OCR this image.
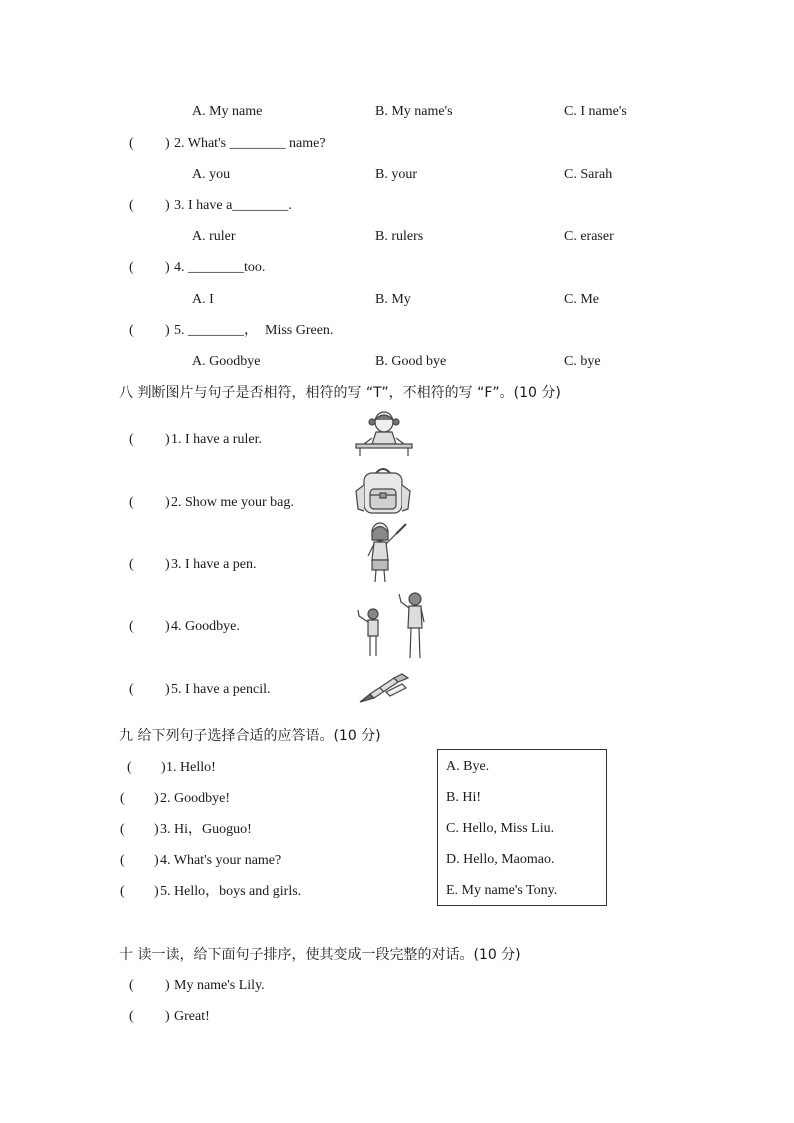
A. My name	B. My name's	C. I name's
( ) 2. What's ________ name?
A. you	B. your	C. Sarah
( ) 3. I have a________.
A. ruler	B. rulers	C. eraser
( ) 4. ________too.
A. I	B. My	C. Me
( ) 5. ________，  Miss Green.
A. Goodbye	B. Good bye	C. bye
八 判断图片与句子是否相符，相符的写 “T”，不相符的写 “F”。(10 分)
( ) 1. I have a ruler.
( ) 2. Show me your bag.
( ) 3. I have a pen.
( ) 4. Goodbye.
( ) 5. I have a pencil.
九 给下列句子选择合适的应答语。(10 分)
( ) 1. Hello!
( ) 2. Goodbye!
( ) 3. Hi，Guoguo!
( ) 4. What's your name?
( ) 5. Hello，boys and girls.
A. Bye.
B. Hi!
C. Hello, Miss Liu.
D. Hello, Maomao.
E. My name's Tony.
十 读一读，给下面句子排序，使其变成一段完整的对话。(10 分)
( ) My name's Lily.
( ) Great!
